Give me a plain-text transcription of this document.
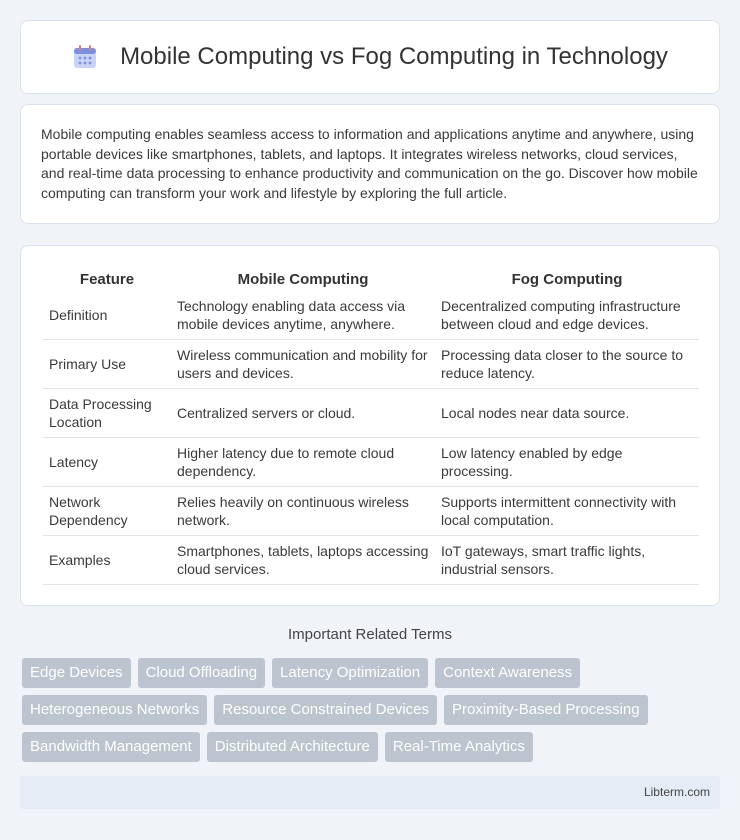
Mobile Computing vs Fog Computing in Technology

Mobile computing enables seamless access to information and applications anytime and anywhere, using portable devices like smartphones, tablets, and laptops. It integrates wireless networks, cloud services, and real-time data processing to enhance productivity and communication on the go. Discover how mobile computing can transform your work and lifestyle by exploring the full article.

Feature	Mobile Computing	Fog Computing
Definition	Technology enabling data access via mobile devices anytime, anywhere.	Decentralized computing infrastructure between cloud and edge devices.
Primary Use	Wireless communication and mobility for users and devices.	Processing data closer to the source to reduce latency.
Data Processing Location	Centralized servers or cloud.	Local nodes near data source.
Latency	Higher latency due to remote cloud dependency.	Low latency enabled by edge processing.
Network Dependency	Relies heavily on continuous wireless network.	Supports intermittent connectivity with local computation.
Examples	Smartphones, tablets, laptops accessing cloud services.	IoT gateways, smart traffic lights, industrial sensors.
Important Related Terms
Edge Devices	Cloud Offloading	Latency Optimization	Context Awareness
Heterogeneous Networks	Resource Constrained Devices	Proximity-Based Processing
Bandwidth Management	Distributed Architecture	Real-Time Analytics
Libterm.com
